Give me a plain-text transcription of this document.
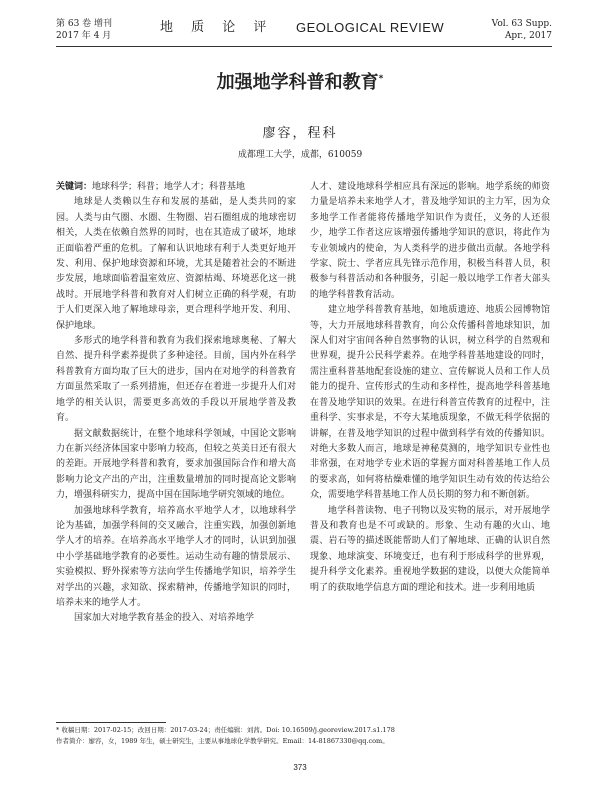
第 63 卷 增刊
2017 年 4 月
地 质 论 评 GEOLOGICAL REVIEW	Vol. 63 Supp.
Apr., 2017
加强地学科普和教育*
廖容，程科
成都理工大学，成都，610059

关键词：地球科学；科普；地学人才；科普基地

地球是人类赖以生存和发展的基础，是人类共同的家园。人类与由气圈、水圈、生物圈、岩石圈组成的地球密切相关，人类在依赖自然界的同时，也在其造成了破坏，地球正面临着严重的危机。了解和认识地球有利于人类更好地开发、利用、保护地球资源和环境，尤其是随着社会的不断进步发展，地球面临着温室效应、资源枯竭、环境恶化这一挑战时。开展地学科普和教育对人们树立正确的科学观，有助于人们更深入地了解地球母亲，更合理科学地开发、利用、保护地球。

多形式的地学科普和教育为我们探索地球奥秘、了解大自然、提升科学素养提供了多种途径。目前，国内外在科学科普教育方面均取了巨大的进步，国内在对地学的科普教育方面虽然采取了一系列措施，但还存在着进一步提升人们对地学的相关认识，需要更多高效的手段以开展地学普及教育。

据文献数据统计，在整个地球科学领域，中国论文影响力在新兴经济体国家中影响力较高，但较之英美日还有很大的差距。开展地学科普和教育，要求加强国际合作和增大高影响力论文产出的产出，注重数量增加的同时提高论文影响力，增强科研实力，提高中国在国际地学研究领域的地位。

加强地球科学教育，培养高水平地学人才，以地球科学论为基础，加强学科间的交叉融合，注重实践，加强创新地学人才的培养。在培养高水平地学人才的同时，认识到加强中小学基础地学教育的必要性。运动生动有趣的情景展示、实验模拟、野外探索等方法向学生传播地学知识，培养学生对学出的兴趣，求知欲、探索精神，传播地学知识的同时，培养未来的地学人才。

国家加大对地学教育基金的投入、对培养地学

人才、建设地球科学相应具有深远的影响。地学系统的师资力量是培养未来地学人才，普及地学知识的主力军，因为众多地学工作者能将传播地学知识作为责任，义务的人还很少，地学工作者这应该增强传播地学知识的意识，将此作为专业领域内的使命，为人类科学的进步做出贡献。各地学科学家、院士、学者应具先锋示范作用，积极当科普人员，积极参与科普活动和各种服务，引起一般以地学工作者大部头的地学科普教育活动。

建立地学科普教育基地，如地质遗迹、地质公园博物馆等，大力开展地球科普教育，向公众传播科普地球知识，加深人们对宇宙间各种自然事物的认识，树立科学的自然观和世界观，提升公民科学素养。在地学科普基地建设的同时，需注重科普基地配套设施的建立、宣传解说人员和工作人员能力的提升、宣传形式的生动和多样性，提高地学科普基地在普及地学知识的效果。在进行科普宣传教育的过程中，注重科学、实事求是，不夸大某地质现象，不做无科学依据的讲解，在普及地学知识的过程中做到科学有效的传播知识。对绝大多数人而言，地球是神秘莫测的，地学知识专业性也非常强，在对地学专业术语的掌握方面对科普基地工作人员的要求高，如何将枯燥难懂的地学知识生动有效的传达给公众，需要地学科普基地工作人员长期的努力和不断创新。

地学科普读物、电子刊物以及实物的展示，对开展地学普及和教育也是不可或缺的。形象、生动有趣的火山、地震、岩石等的描述既能帮助人们了解地球、正确的认识自然现象、地球演变、环境变迁，也有利于形成科学的世界观，提升科学文化素养。重视地学数据的建设，以便大众能简单明了的获取地学信息方面的理论和技术。进一步利用地质

* 收稿日期：2017-02-15；改回日期：2017-03-24；责任编辑：刘茜。Doi: 10.16509/j.georeview.2017.s1.178
作者简介：廖容，女，1989 年生，硕士研究生，主要从事地球化学教学研究。Email：14-81867330@qq.com。
373
